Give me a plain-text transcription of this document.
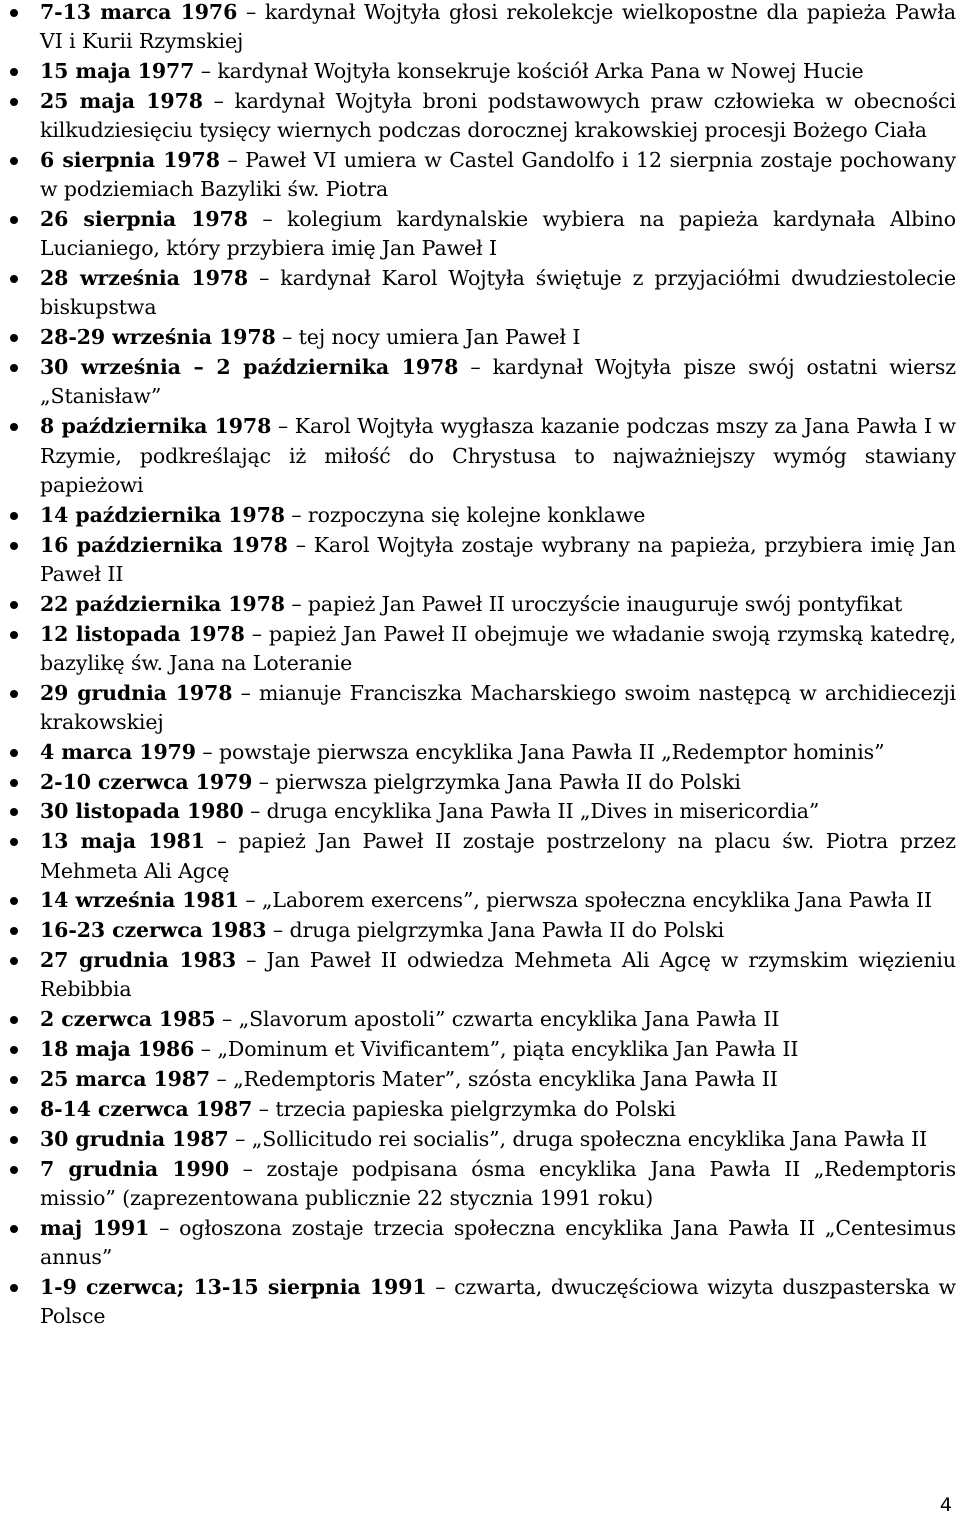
7-13 marca 1976 – kardynał Wojtyła głosi rekolekcje wielkopostne dla papieża Pawła VI i Kurii Rzymskiej
15 maja 1977 – kardynał Wojtyła konsekruje kościół Arka Pana w Nowej Hucie
25 maja 1978 – kardynał Wojtyła broni podstawowych praw człowieka w obecności kilkudziesięciu tysięcy wiernych podczas dorocznej krakowskiej procesji Bożego Ciała
6 sierpnia 1978 – Paweł VI umiera w Castel Gandolfo i 12 sierpnia zostaje pochowany w podziemiach Bazyliki św. Piotra
26 sierpnia 1978 – kolegium kardynalskie wybiera na papieża kardynała Albino Lucianiego, który przybiera imię Jan Paweł I
28 września 1978 – kardynał Karol Wojtyła świętuje z przyjaciółmi dwudziestolecie biskupstwa
28-29 września 1978 – tej nocy umiera Jan Paweł I
30 września – 2 października 1978 – kardynał Wojtyła pisze swój ostatni wiersz „Stanisław”
8 października 1978 – Karol Wojtyła wygłasza kazanie podczas mszy za Jana Pawła I w Rzymie, podkreślając iż miłość do Chrystusa to najważniejszy wymóg stawiany papieżowi
14 października 1978 – rozpoczyna się kolejne konklawe
16 października 1978 – Karol Wojtyła zostaje wybrany na papieża, przybiera imię Jan Paweł II
22 października 1978 – papież Jan Paweł II uroczyście inauguruje swój pontyfikat
12 listopada 1978 – papież Jan Paweł II obejmuje we władanie swoją rzymską katedrę, bazylikę św. Jana na Loteranie
29 grudnia 1978 – mianuje Franciszka Macharskiego swoim następcą w archidiecezji krakowskiej
4 marca 1979 – powstaje pierwsza encyklika Jana Pawła II „Redemptor hominis”
2-10 czerwca 1979 – pierwsza pielgrzymka Jana Pawła II do Polski
30 listopada 1980 – druga encyklika Jana Pawła II „Dives in misericordia”
13 maja 1981 – papież Jan Paweł II zostaje postrzelony na placu św. Piotra przez Mehmeta Ali Agcę
14 września 1981 – „Laborem exercens”, pierwsza społeczna encyklika Jana Pawła II
16-23 czerwca 1983 – druga pielgrzymka Jana Pawła II do Polski
27 grudnia 1983 – Jan Paweł II odwiedza Mehmeta Ali Agcę w rzymskim więzieniu Rebibbia
2 czerwca 1985 – „Slavorum apostoli” czwarta encyklika Jana Pawła II
18 maja 1986 – „Dominum et Vivificantem”, piąta encyklika Jan Pawła II
25 marca 1987 – „Redemptoris Mater”, szósta encyklika Jana Pawła II
8-14 czerwca 1987 – trzecia papieska pielgrzymka do Polski
30 grudnia 1987 – „Sollicitudo rei socialis”, druga społeczna encyklika Jana Pawła II
7 grudnia 1990 – zostaje podpisana ósma encyklika Jana Pawła II „Redemptoris missio” (zaprezentowana publicznie 22 stycznia 1991 roku)
maj 1991 – ogłoszona zostaje trzecia społeczna encyklika Jana Pawła II „Centesimus annus”
1-9 czerwca; 13-15 sierpnia 1991 – czwarta, dwuczęściowa wizyta duszpasterska w Polsce
4
